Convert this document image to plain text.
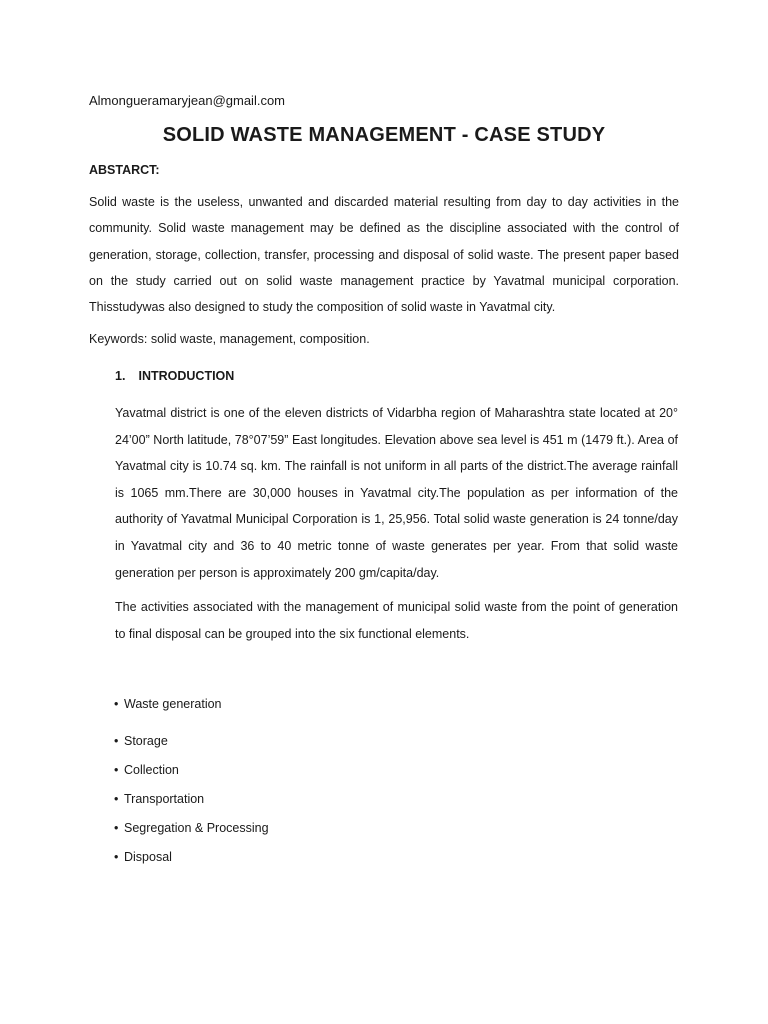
Almongueramaryjean@gmail.com
SOLID WASTE MANAGEMENT - CASE STUDY
ABSTARCT:

Solid waste is the useless, unwanted and discarded material resulting from day to day activities in the community. Solid waste management may be defined as the discipline associated with the control of generation, storage, collection, transfer, processing and disposal of solid waste. The present paper based on the study carried out on solid waste management practice by Yavatmal municipal corporation. Thisstudywas also designed to study the composition of solid waste in Yavatmal city.

Keywords: solid waste, management, composition.
1. INTRODUCTION

Yavatmal district is one of the eleven districts of Vidarbha region of Maharashtra state located at 20° 24’00” North latitude, 78°07’59” East longitudes. Elevation above sea level is 451 m (1479 ft.). Area of Yavatmal city is 10.74 sq. km. The rainfall is not uniform in all parts of the district.The average rainfall is 1065 mm.There are 30,000 houses in Yavatmal city.The population as per information of the authority of Yavatmal Municipal Corporation is 1, 25,956. Total solid waste generation is 24 tonne/day in Yavatmal city and 36 to 40 metric tonne of waste generates per year. From that solid waste generation per person is approximately 200 gm/capita/day.

The activities associated with the management of municipal solid waste from the point of generation to final disposal can be grouped into the six functional elements.

• Waste generation
• Storage
• Collection
• Transportation
• Segregation & Processing
• Disposal
